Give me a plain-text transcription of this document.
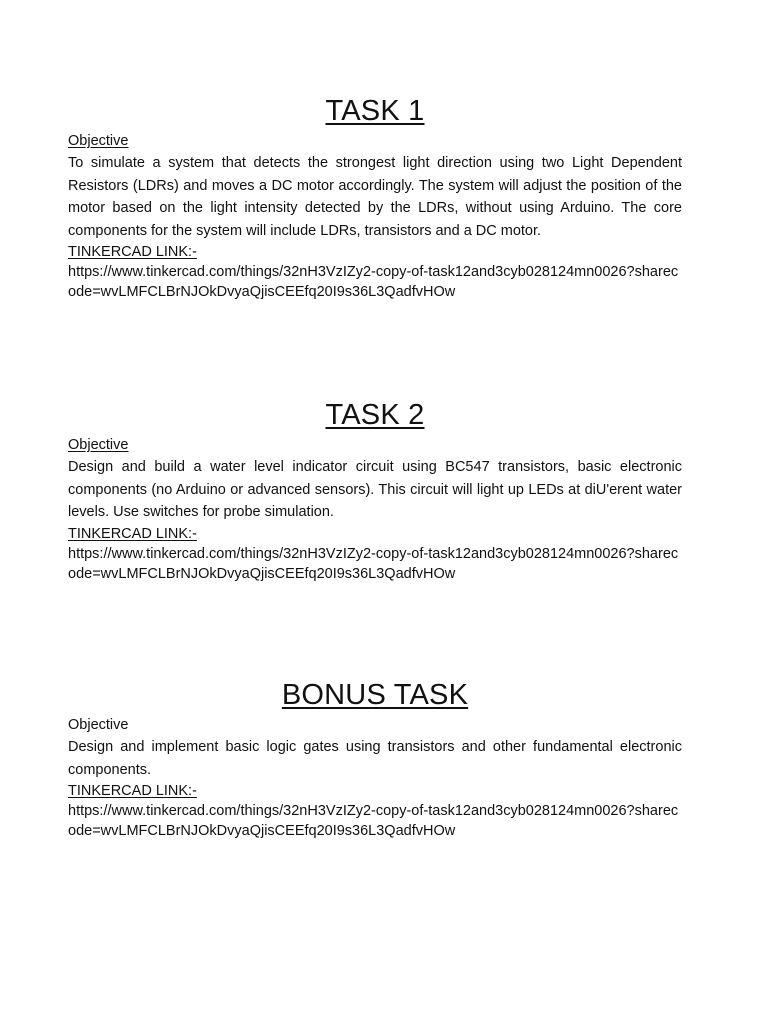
TASK 1

Objective

To simulate a system that detects the strongest light direction using two Light Dependent Resistors (LDRs) and moves a DC motor accordingly. The system will adjust the position of the motor based on the light intensity detected by the LDRs, without using Arduino. The core components for the system will include LDRs, transistors and a DC motor.

TINKERCAD LINK:-

https://www.tinkercad.com/things/32nH3VzIZy2-copy-of-task12and3cyb028124mn0026?sharecode=wvLMFCLBrNJOkDvyaQjisCEEfq20I9s36L3QadfvHOw

TASK 2

Objective

Design and build a water level indicator circuit using BC547 transistors, basic electronic components (no Arduino or advanced sensors). This circuit will light up LEDs at diU'erent water levels. Use switches for probe simulation.

TINKERCAD LINK:-

https://www.tinkercad.com/things/32nH3VzIZy2-copy-of-task12and3cyb028124mn0026?sharecode=wvLMFCLBrNJOkDvyaQjisCEEfq20I9s36L3QadfvHOw

BONUS TASK

Objective

Design and implement basic logic gates using transistors and other fundamental electronic components.

TINKERCAD LINK:-

https://www.tinkercad.com/things/32nH3VzIZy2-copy-of-task12and3cyb028124mn0026?sharecode=wvLMFCLBrNJOkDvyaQjisCEEfq20I9s36L3QadfvHOw
